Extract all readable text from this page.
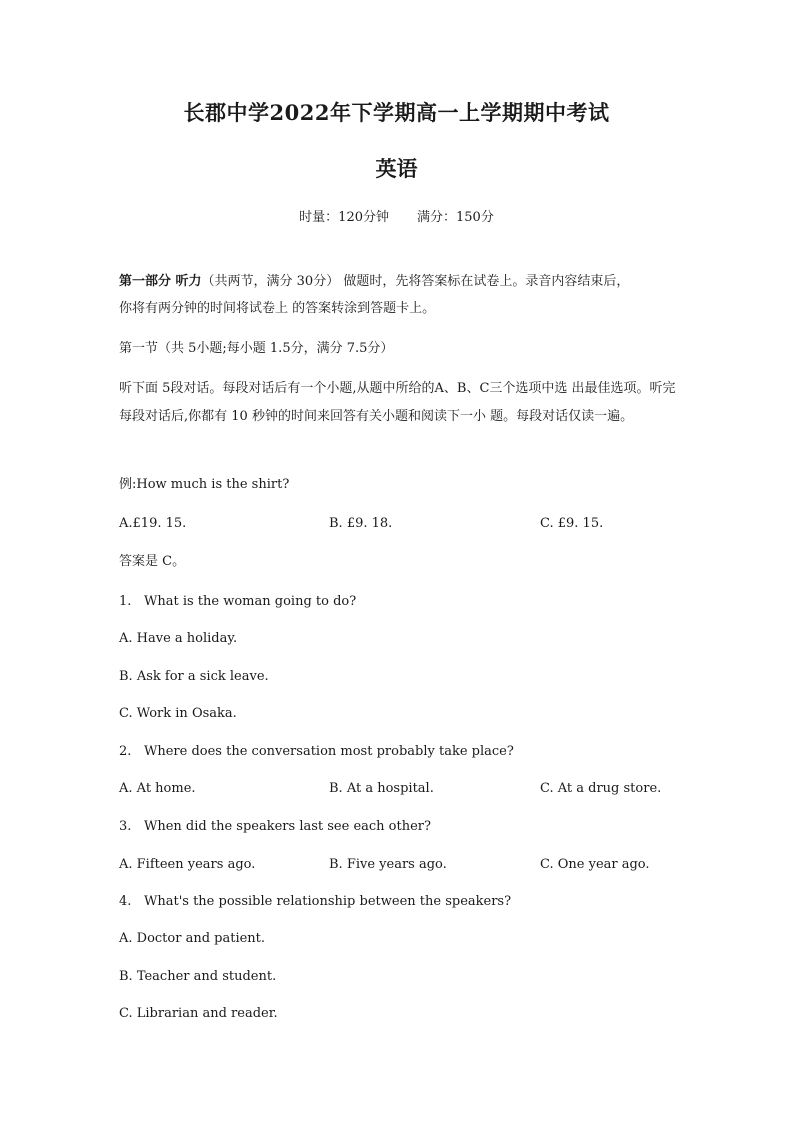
长郡中学2022年下学期高一上学期期中考试
英语
时量：120分钟 满分：150分
第一部分 听力（共两节，满分 30分） 做题时，先将答案标在试卷上。录音内容结束后，
你将有两分钟的时间将试卷上 的答案转涂到答题卡上。
第一节（共 5小题;每小题 1.5分，满分 7.5分）
听下面 5段对话。每段对话后有一个小题,从题中所给的A、B、C三个选项中选 出最佳选项。听完每段对话后,你都有 10 秒钟的时间来回答有关小题和阅读下一小 题。每段对话仅读一遍。
例:How much is the shirt?
A.£19. 15.	B. £9. 18.	C. £9. 15.
答案是 C。
1. What is the woman going to do?
A. Have a holiday.
B. Ask for a sick leave.
C. Work in Osaka.
2. Where does the conversation most probably take place?
A. At home.	B. At a hospital.	C. At a drug store.
3. When did the speakers last see each other?
A. Fifteen years ago.	B. Five years ago.	C. One year ago.
4. What's the possible relationship between the speakers?
A. Doctor and patient.
B. Teacher and student.
C. Librarian and reader.
